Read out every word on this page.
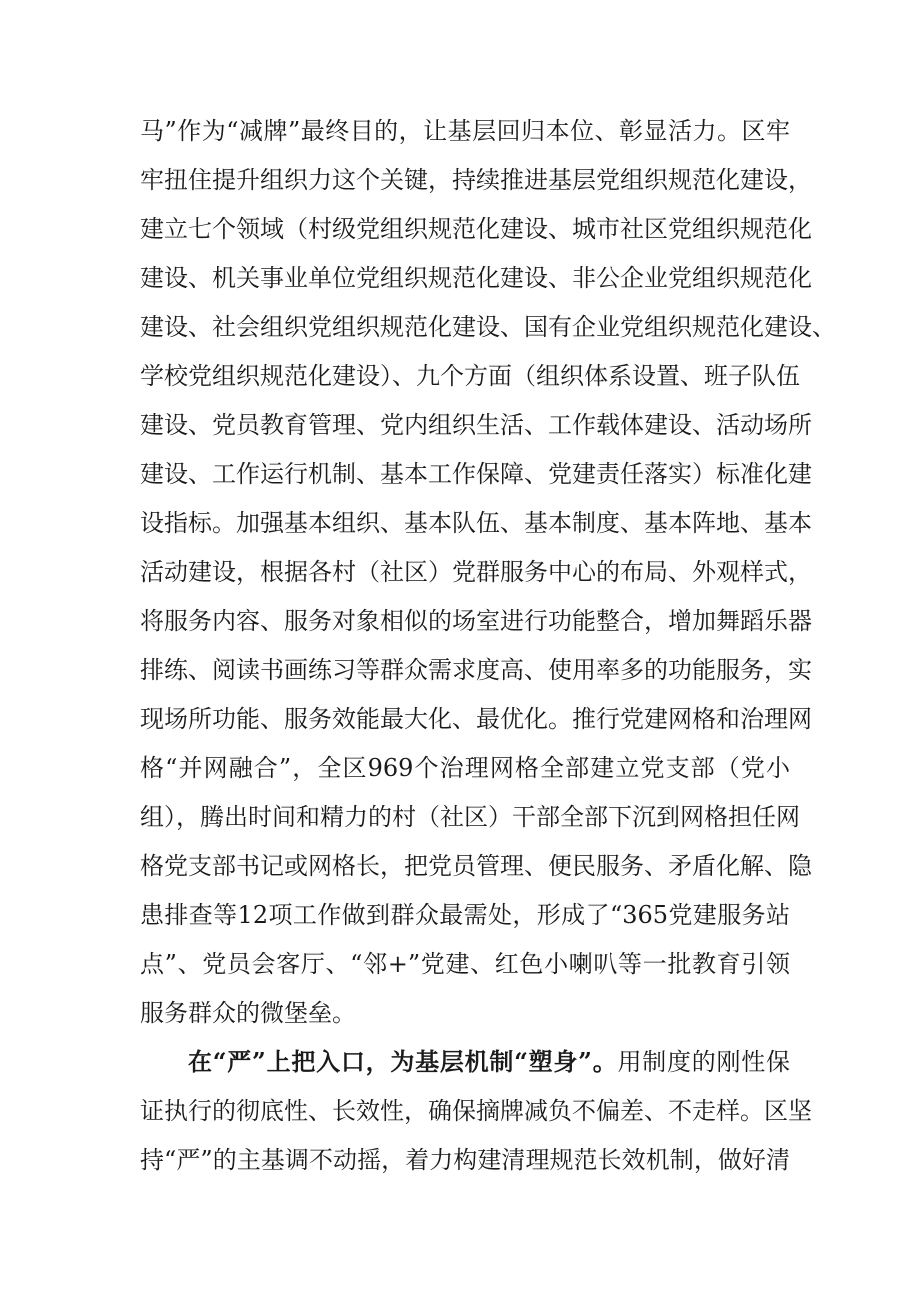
马”作为“减牌”最终目的，让基层回归本位、彰显活力。区牢
牢扭住提升组织力这个关键，持续推进基层党组织规范化建设，
建立七个领域（村级党组织规范化建设、城市社区党组织规范化
建设、机关事业单位党组织规范化建设、非公企业党组织规范化
建设、社会组织党组织规范化建设、国有企业党组织规范化建设、
学校党组织规范化建设）、九个方面（组织体系设置、班子队伍
建设、党员教育管理、党内组织生活、工作载体建设、活动场所
建设、工作运行机制、基本工作保障、党建责任落实）标准化建
设指标。加强基本组织、基本队伍、基本制度、基本阵地、基本
活动建设，根据各村（社区）党群服务中心的布局、外观样式，
将服务内容、服务对象相似的场室进行功能整合，增加舞蹈乐器
排练、阅读书画练习等群众需求度高、使用率多的功能服务，实
现场所功能、服务效能最大化、最优化。推行党建网格和治理网
格“并网融合”，全区969个治理网格全部建立党支部（党小
组），腾出时间和精力的村（社区）干部全部下沉到网格担任网
格党支部书记或网格长，把党员管理、便民服务、矛盾化解、隐
患排查等12项工作做到群众最需处，形成了“365党建服务站
点”、党员会客厅、“邻+”党建、红色小喇叭等一批教育引领
服务群众的微堡垒。
在“严”上把入口，为基层机制“塑身”。用制度的刚性保
证执行的彻底性、长效性，确保摘牌减负不偏差、不走样。区坚
持“严”的主基调不动摇，着力构建清理规范长效机制，做好清
